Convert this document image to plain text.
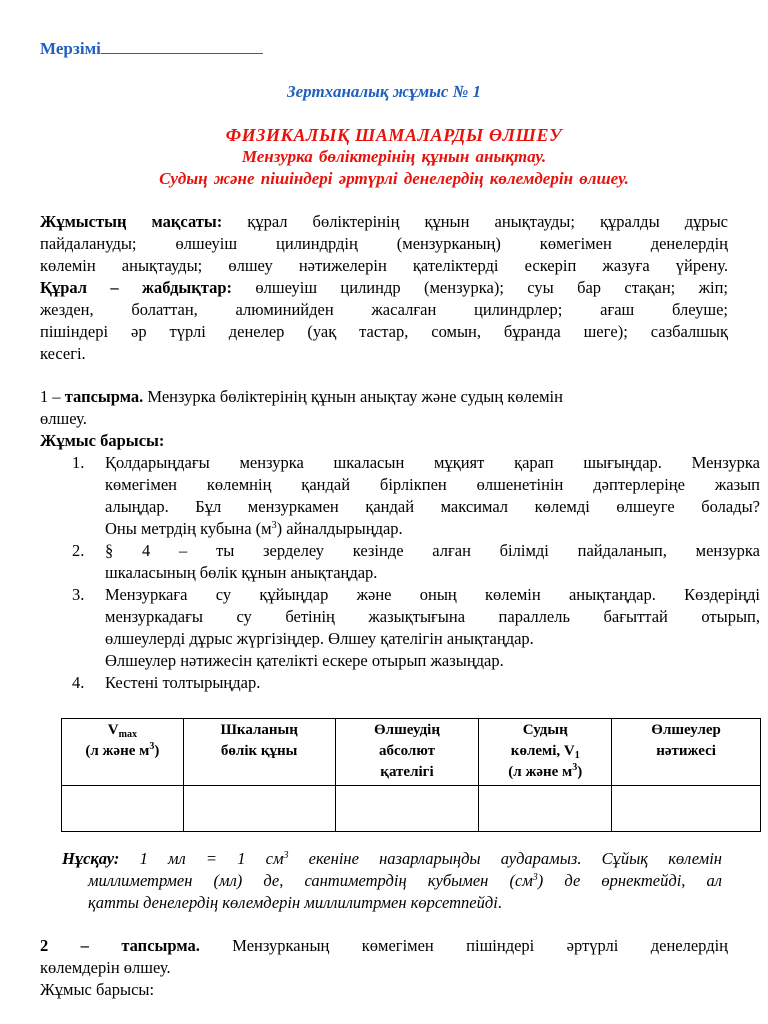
Мерзімі
Зертханалық жұмыс № 1
ФИЗИКАЛЫҚ ШАМАЛАРДЫ ӨЛШЕУ
Мензурка бөліктерінің құнын анықтау.
Судың және пішіндері әртүрлі денелердің көлемдерін өлшеу.
Жұмыстың мақсаты: құрал бөліктерінің құнын анықтауды; құралды дұрыс
пайдалануды; өлшеуіш цилиндрдің (мензурканың) көмегімен денелердің
көлемін анықтауды; өлшеу нәтижелерін қателіктерді ескеріп жазуға үйрену.
Құрал – жабдықтар: өлшеуіш цилиндр (мензурка); суы бар стақан; жіп;
жезден, болаттан, алюминийден жасалған цилиндрлер; ағаш блеуше;
пішіндері әр түрлі денелер (уақ тастар, сомын, бұранда шегe); сазбалшық
кесегі.
1 – тапсырма. Мензурка бөліктерінің құнын анықтау және судың көлемін
өлшеу.
Жұмыс барысы:
1.	Қолдарыңдағы мензурка шкаласын мұқият қарап шығыңдар. Мензурка
көмегімен көлемнің қандай бірлікпен өлшенетінін дәптерлеріңе жазып
алыңдар. Бұл мензуркамен қандай максимал көлемді өлшеуге болады?
Оны метрдің кубына $(м^3)$ айналдырыңдар.
2.	§ 4 – ты зерделеу кезінде алған білімді пайдаланып, мензурка
шкаласының бөлік құнын анықтаңдар.
3.	Мензуркаға су құйыңдар және оның көлемін анықтаңдар. Көздеріңді
мензуркадағы су бетінің жазықтығына параллель бағыттай отырып,
өлшеулерді дұрыс жүргізіңдер. Өлшеу қателігін анықтаңдар.
Өлшеулер нәтижесін қателікті ескере отырып жазыңдар.
4.	Кестені толтырыңдар.
$V_{max}$
(л және $м^3$)	Шкаланың
бөлік құны	Өлшеудің
абсолют
қателігі	Судың
көлемі, $V_1$
(л және $м^3$)	Өлшеулер
нәтижесі

Нұсқау: 1 мл = 1 $см^3$ екеніне назарларыңды аударамыз. Сұйық көлемін
миллиметрмен (мл) де, сантиметрдің кубымен $(см^3)$ де өрнектейді, ал
қатты денелердің көлемдерін миллилитрмен көрсетпейді.
2 – тапсырма. Мензурканың көмегімен пішіндері әртүрлі денелердің
көлемдерін өлшеу.
Жұмыс барысы:
